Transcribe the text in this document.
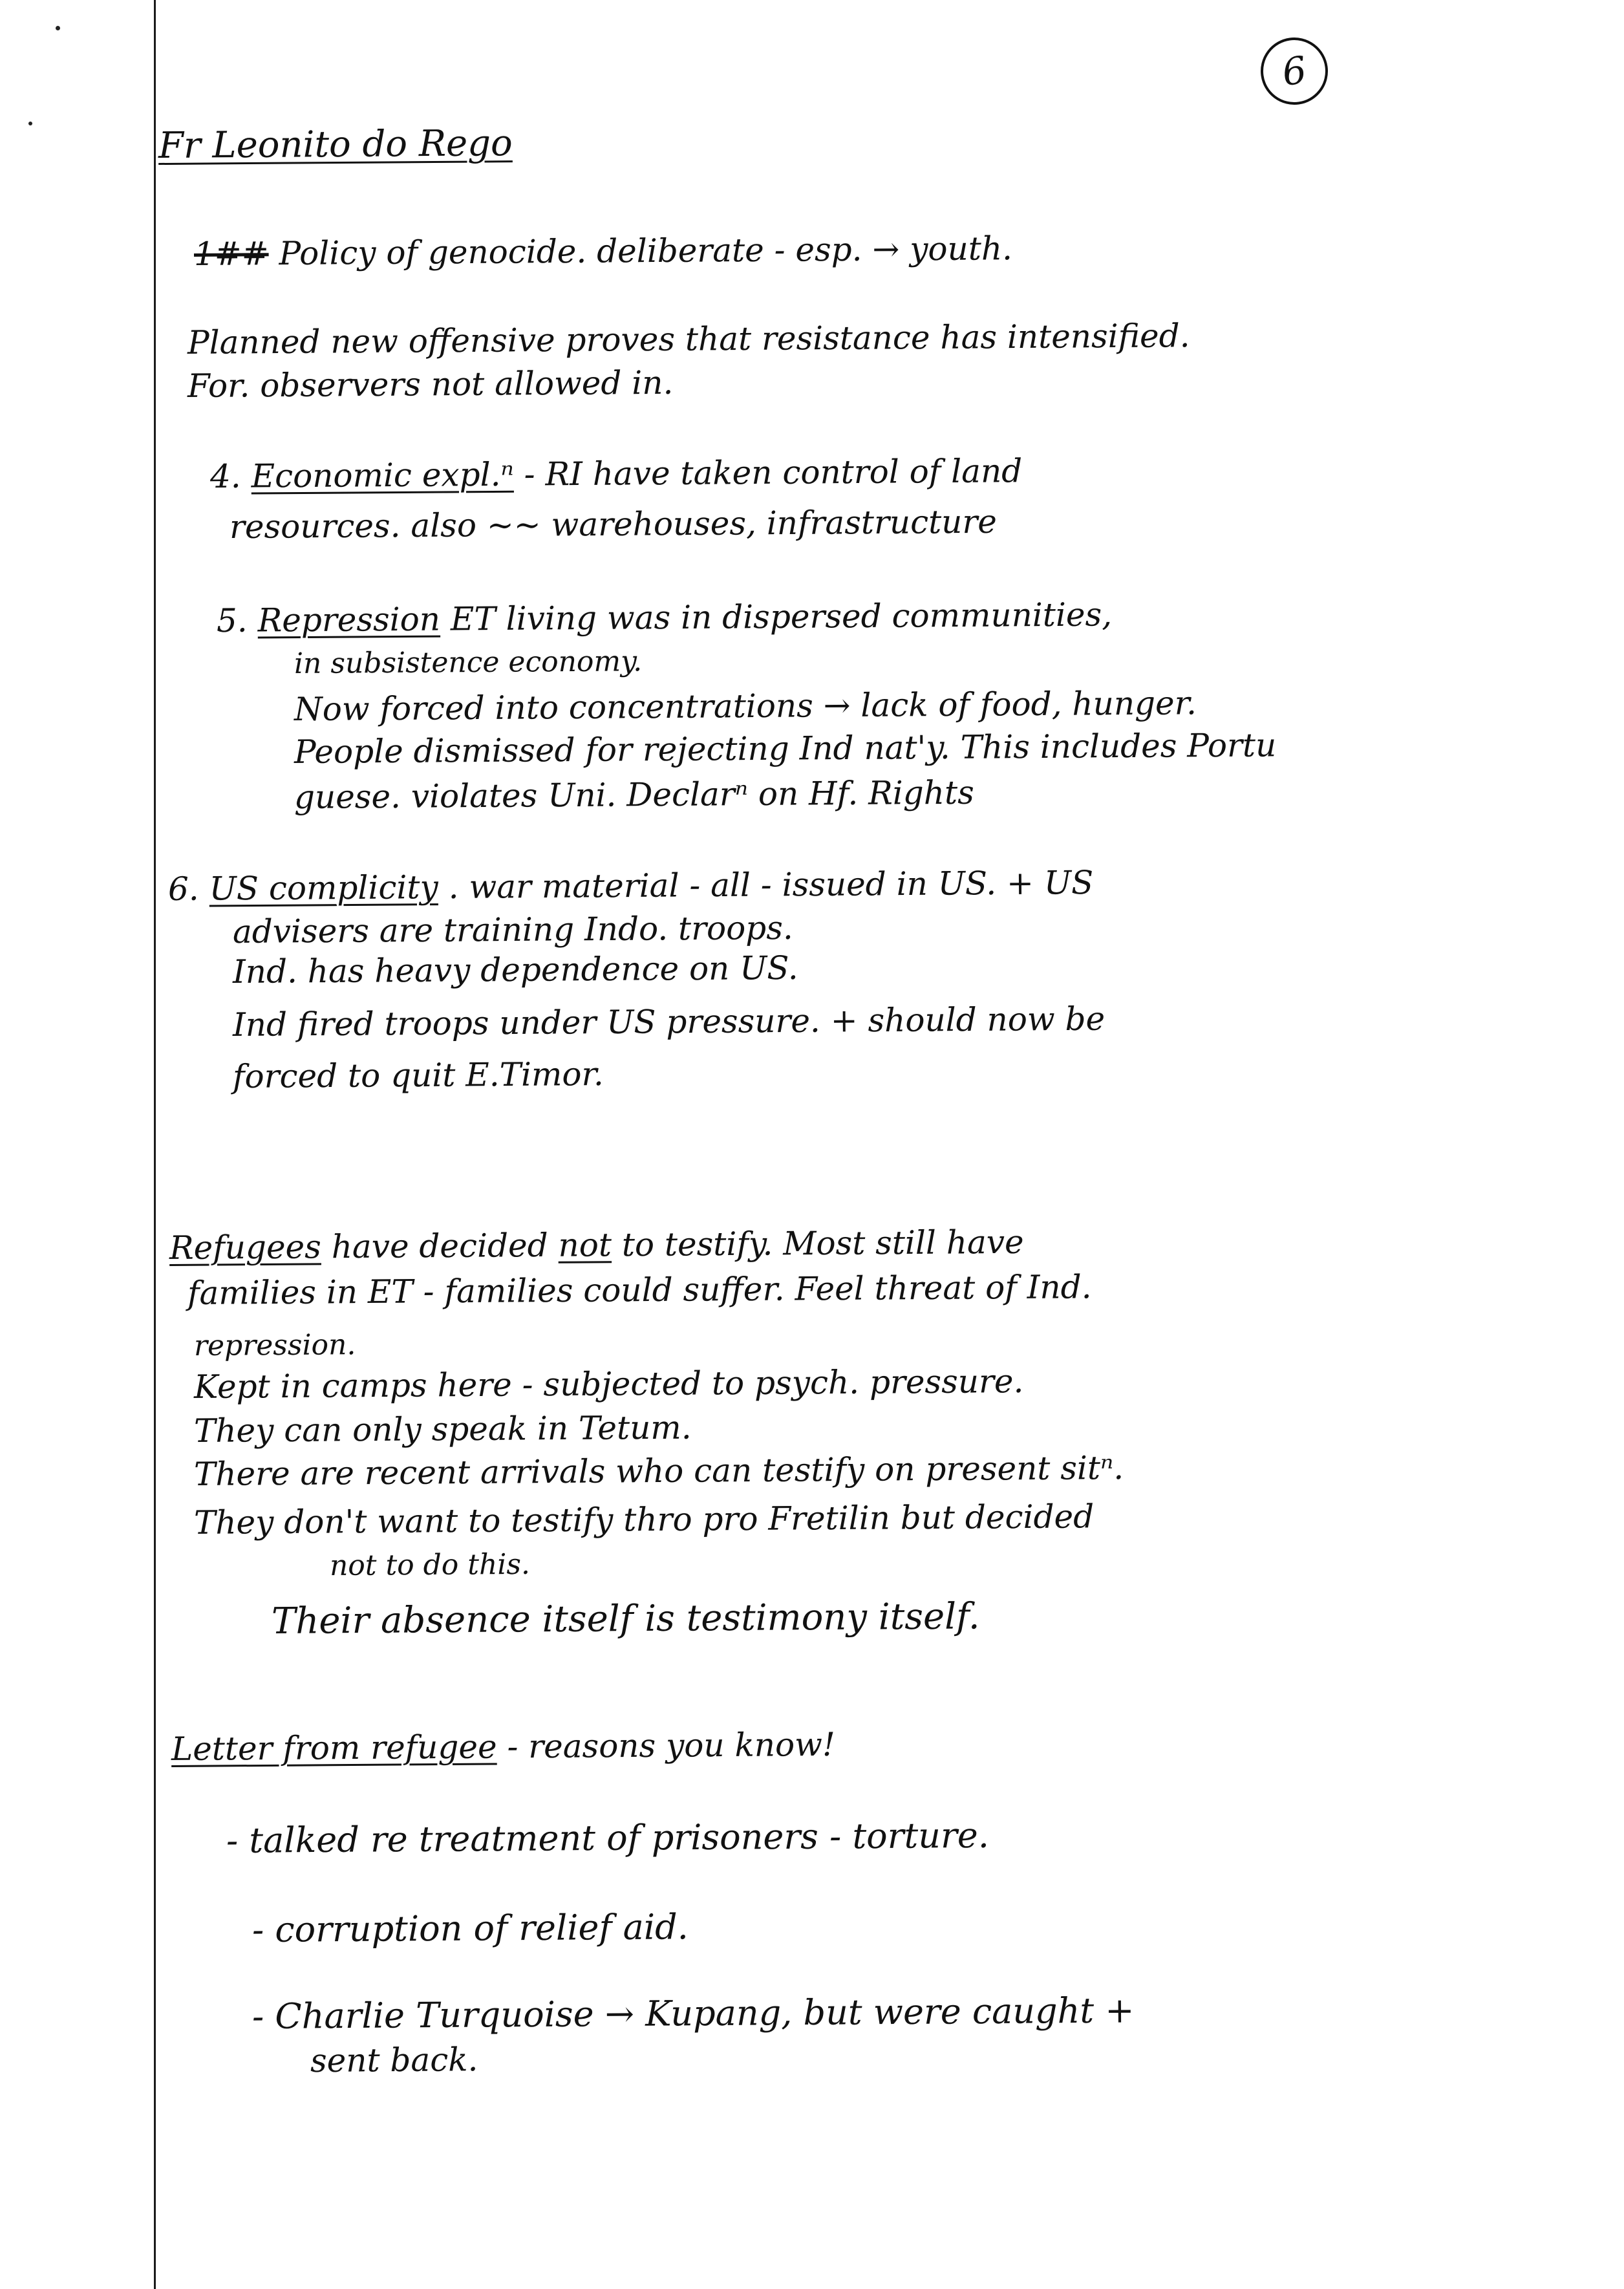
6
Fr Leonito do Rego
1## Policy of genocide. deliberate - esp. → youth.
Planned new offensive proves that resistance has intensified.
For. observers not allowed in.
4. Economic expl.ⁿ - RI have taken control of land
resources. also ~~ warehouses, infrastructure
5. Repression ET living was in dispersed communities,
in subsistence economy.
Now forced into concentrations → lack of food, hunger.
People dismissed for rejecting Ind nat'y. This includes Portu
guese. violates Uni. Declarⁿ on Hf. Rights
6. US complicity . war material - all - issued in US. + US
advisers are training Indo. troops.
Ind. has heavy dependence on US.
Ind fired troops under US pressure. + should now be
forced to quit E.Timor.
Refugees have decided not to testify. Most still have
families in ET - families could suffer. Feel threat of Ind.
repression.
Kept in camps here - subjected to psych. pressure.
They can only speak in Tetum.
There are recent arrivals who can testify on present sitⁿ.
They don't want to testify thro pro Fretilin but decided
not to do this.
Their absence itself is testimony itself.
Letter from refugee - reasons you know!
- talked re treatment of prisoners - torture.
- corruption of relief aid.
- Charlie Turquoise → Kupang, but were caught +
sent back.
